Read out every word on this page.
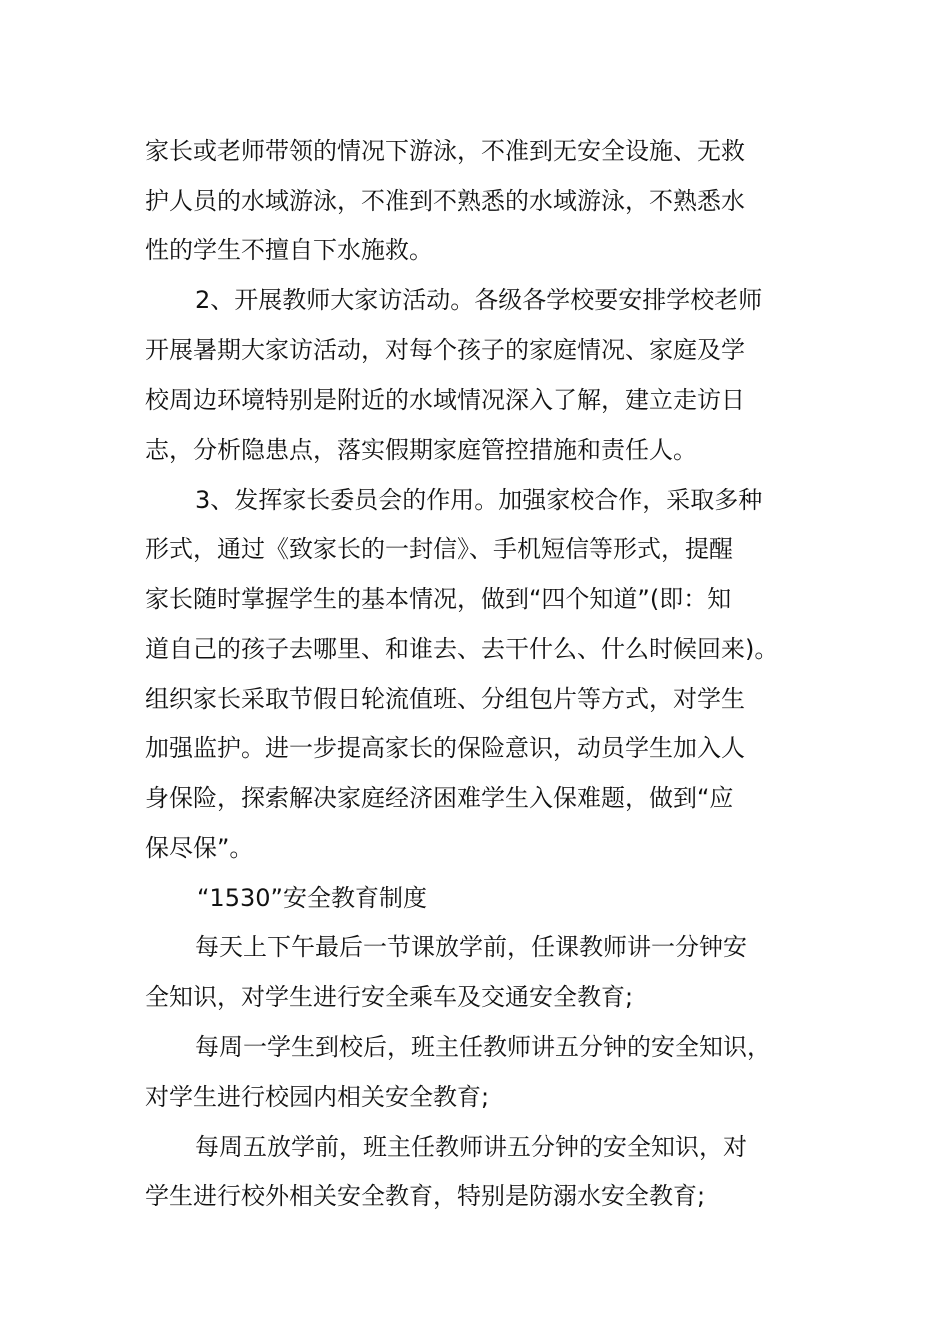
家长或老师带领的情况下游泳，不准到无安全设施、无救
护人员的水域游泳，不准到不熟悉的水域游泳，不熟悉水
性的学生不擅自下水施救。
2、开展教师大家访活动。各级各学校要安排学校老师
开展暑期大家访活动，对每个孩子的家庭情况、家庭及学
校周边环境特别是附近的水域情况深入了解，建立走访日
志，分析隐患点，落实假期家庭管控措施和责任人。
3、发挥家长委员会的作用。加强家校合作，采取多种
形式，通过《致家长的一封信》、手机短信等形式，提醒
家长随时掌握学生的基本情况，做到“四个知道”(即：知
道自己的孩子去哪里、和谁去、去干什么、什么时候回来)。
组织家长采取节假日轮流值班、分组包片等方式，对学生
加强监护。进一步提高家长的保险意识，动员学生加入人
身保险，探索解决家庭经济困难学生入保难题，做到“应
保尽保”。
“1530”安全教育制度
每天上下午最后一节课放学前，任课教师讲一分钟安
全知识，对学生进行安全乘车及交通安全教育;
每周一学生到校后，班主任教师讲五分钟的安全知识，
对学生进行校园内相关安全教育;
每周五放学前，班主任教师讲五分钟的安全知识，对
学生进行校外相关安全教育，特别是防溺水安全教育;
